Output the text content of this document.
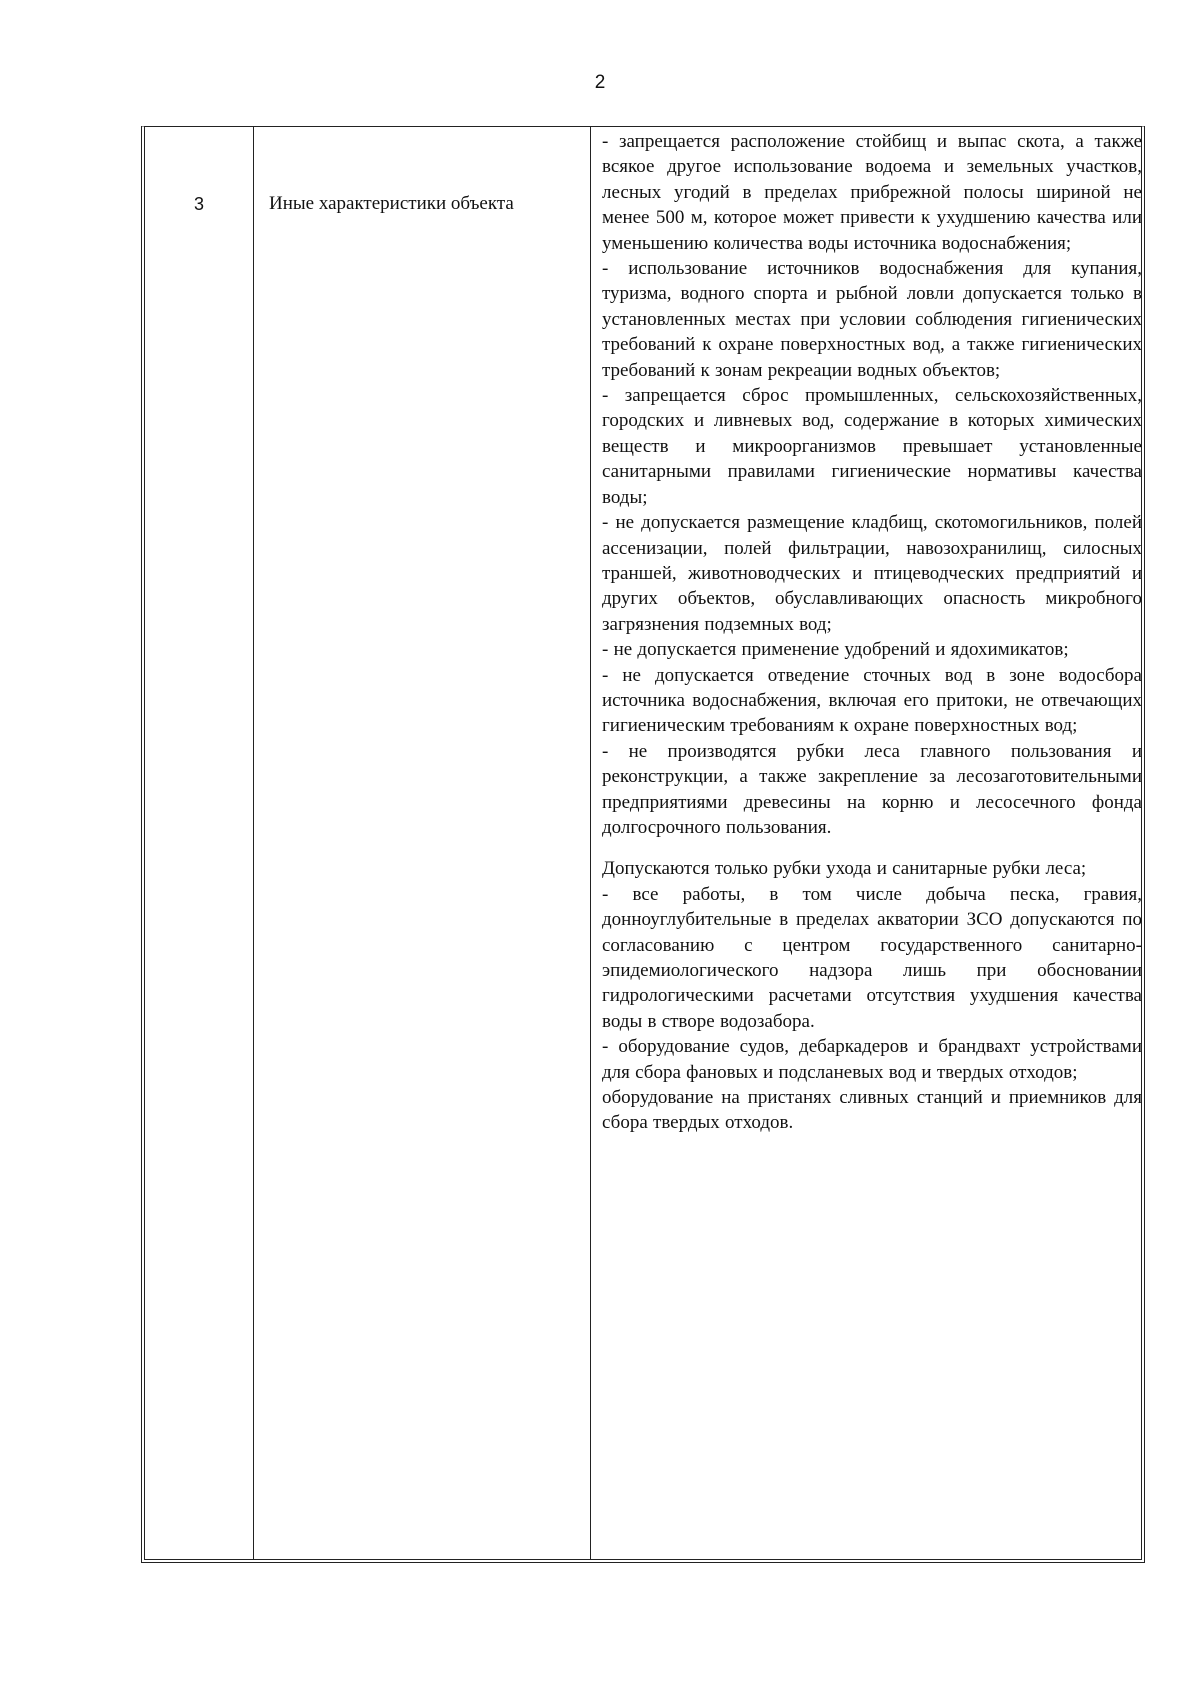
2
3	Иные характеристики объекта

- запрещается расположение стойбищ и выпас скота, а также всякое другое использование водоема и земельных участков, лесных угодий в пределах прибрежной полосы шириной не менее 500 м, которое может привести к ухудшению качества или уменьшению количества воды источника водоснабжения;

- использование источников водоснабжения для купания, туризма, водного спорта и рыбной ловли допускается только в установленных местах при условии соблюдения гигиенических требований к охране поверхностных вод, а также гигиенических требований к зонам рекреации водных объектов;

- запрещается сброс промышленных, сельскохозяйственных, городских и ливневых вод, содержание в которых химических веществ и микроорганизмов превышает установленные санитарными правилами гигиенические нормативы качества воды;

- не допускается размещение кладбищ, скотомогильников, полей ассенизации, полей фильтрации, навозохранилищ, силосных траншей, животноводческих и птицеводческих предприятий и других объектов, обуславливающих опасность микробного загрязнения подземных вод;

- не допускается применение удобрений и ядохимикатов;

- не допускается отведение сточных вод в зоне водосбора источника водоснабжения, включая его притоки, не отвечающих гигиеническим требованиям к охране поверхностных вод;

- не производятся рубки леса главного пользования и реконструкции, а также закрепление за лесозаготовительными предприятиями древесины на корню и лесосечного фонда долгосрочного пользования.

Допускаются только рубки ухода и санитарные рубки леса;

- все работы, в том числе добыча песка, гравия, донноуглубительные в пределах акватории ЗСО допускаются по согласованию с центром государственного санитарно-эпидемиологического надзора лишь при обосновании гидрологическими расчетами отсутствия ухудшения качества воды в створе водозабора.

- оборудование судов, дебаркадеров и брандвахт устройствами для сбора фановых и подсланевых вод и твердых отходов;

оборудование на пристанях сливных станций и приемников для сбора твердых отходов.
